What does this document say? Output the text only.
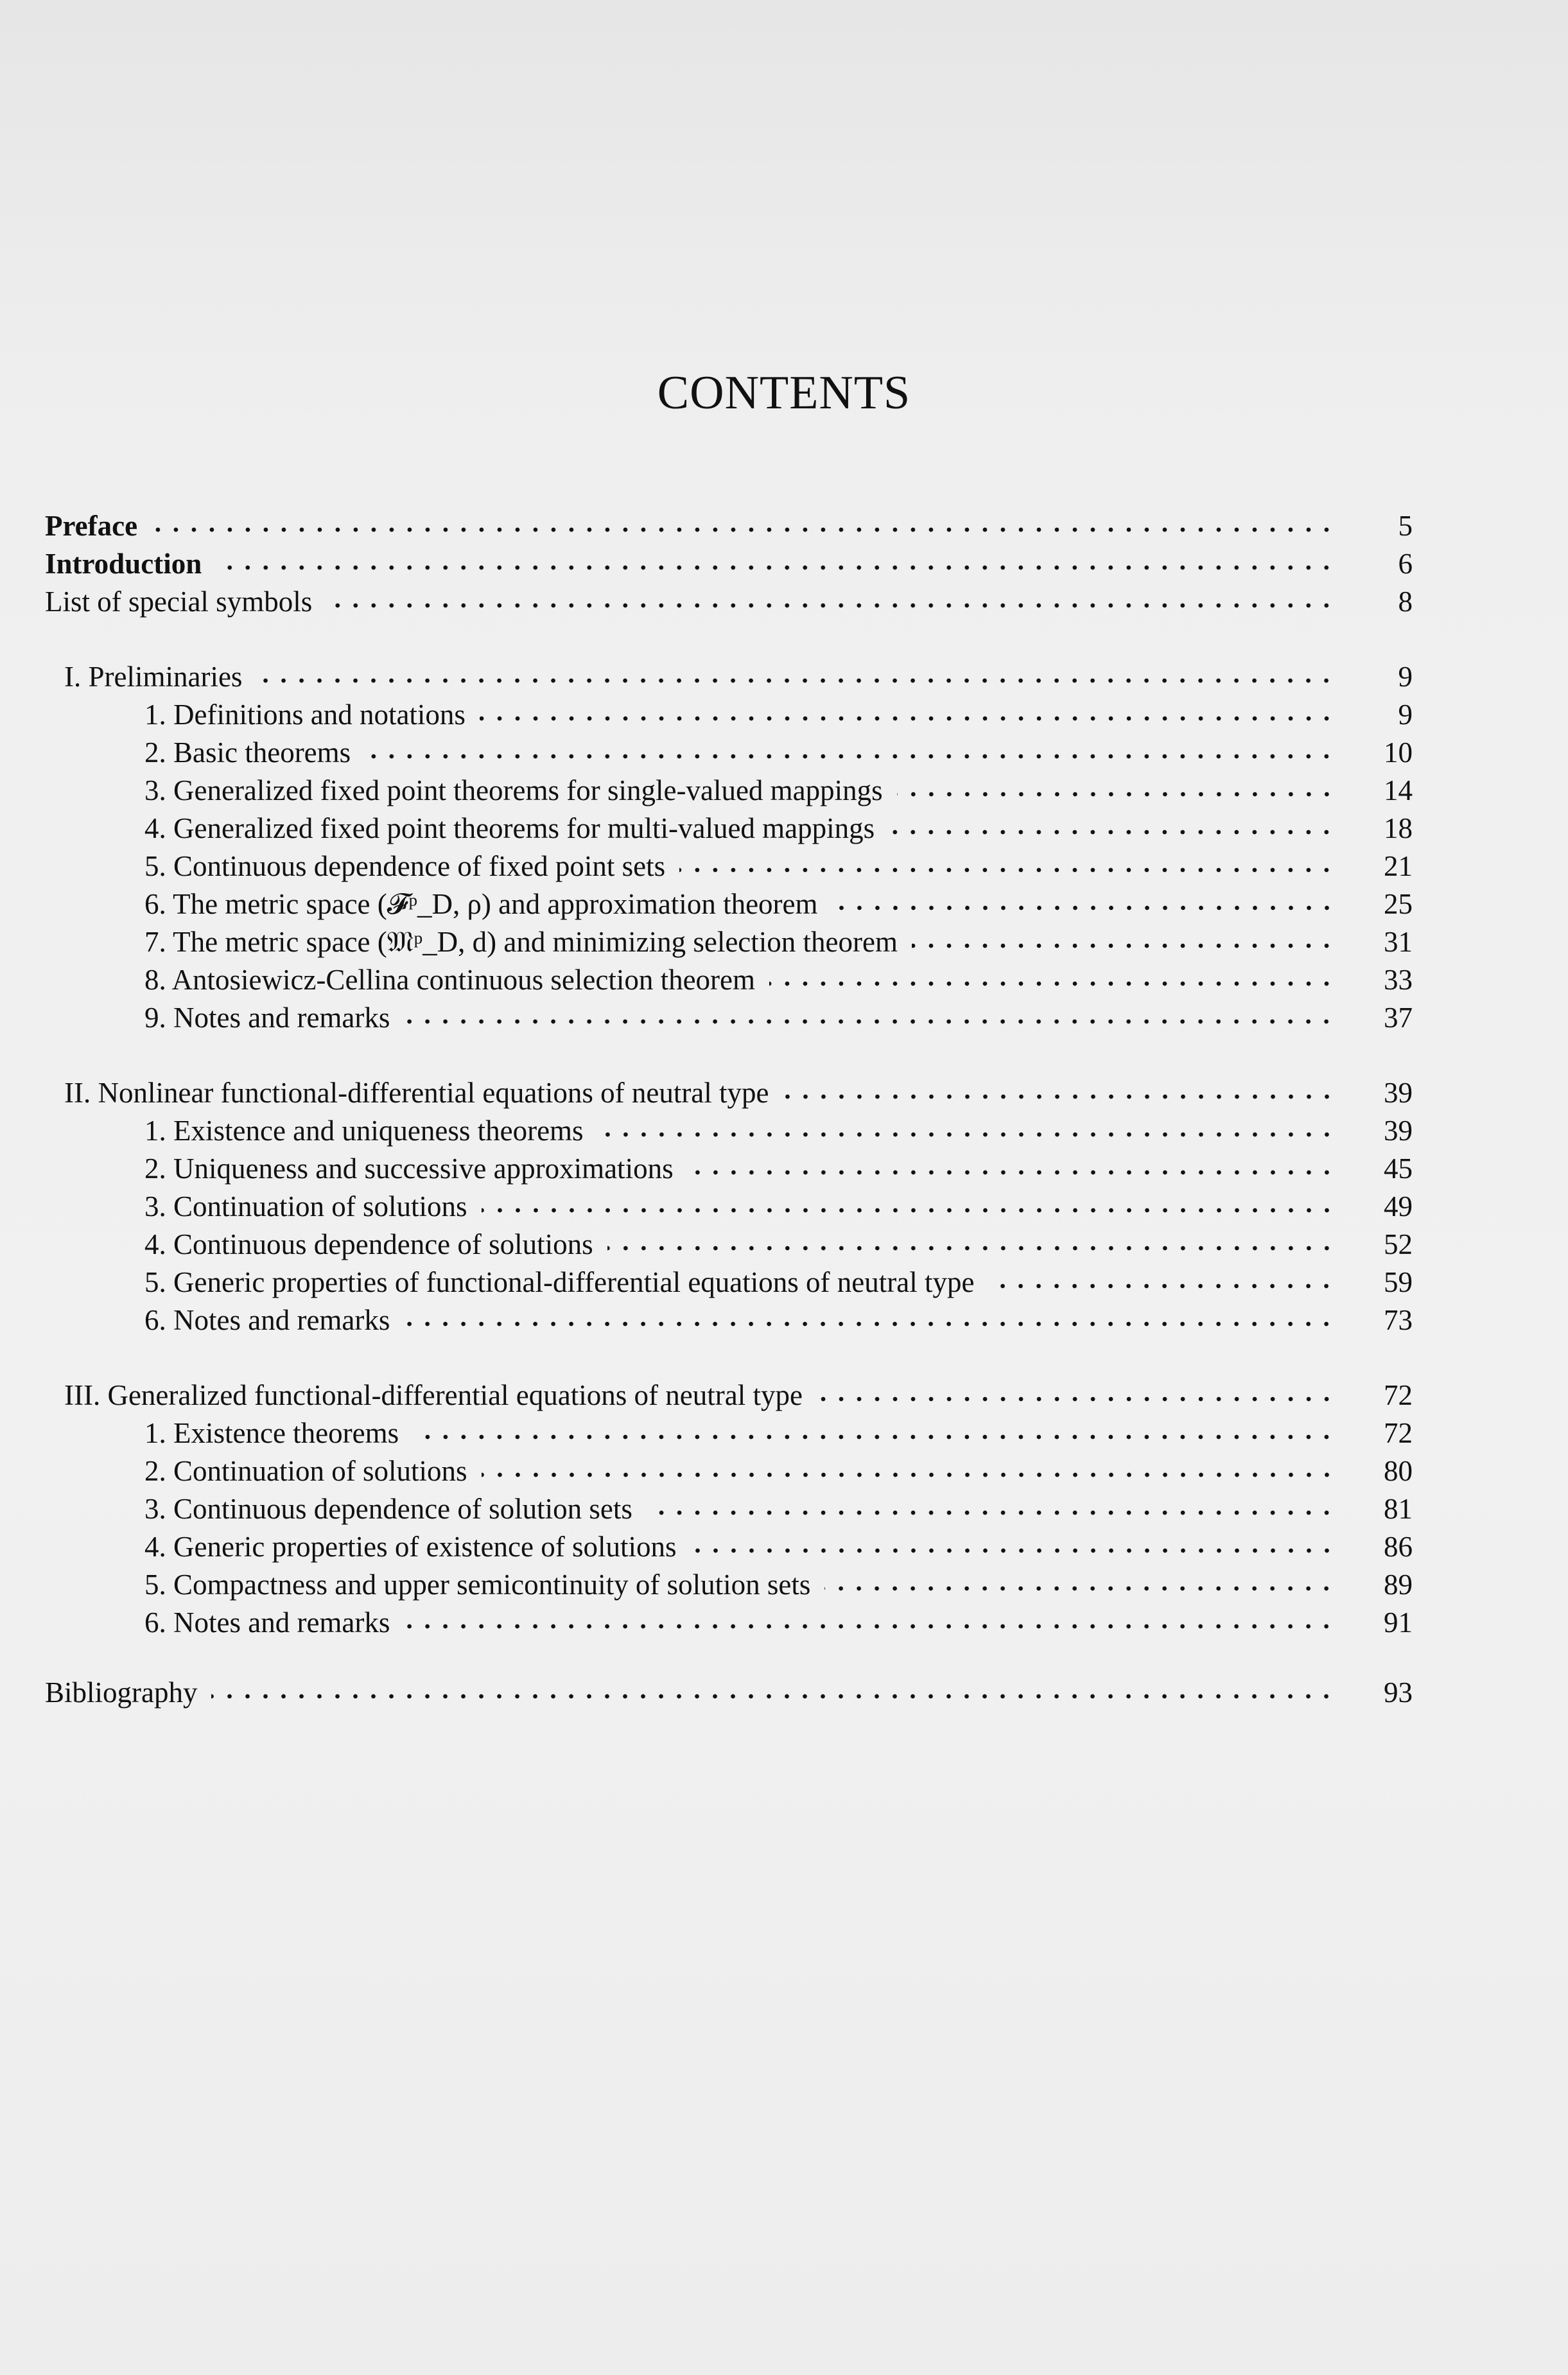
CONTENTS
Preface	5
Introduction	6
List of special symbols	8
I. Preliminaries	9
1. Definitions and notations	9
2. Basic theorems	10
3. Generalized fixed point theorems for single-valued mappings	14
4. Generalized fixed point theorems for multi-valued mappings	18
5. Continuous dependence of fixed point sets	21
6. The metric space (𝓕ᵖ_D, ρ) and approximation theorem	25
7. The metric space (𝔐ᵖ_D, d) and minimizing selection theorem	31
8. Antosiewicz-Cellina continuous selection theorem	33
9. Notes and remarks	37
II. Nonlinear functional-differential equations of neutral type	39
1. Existence and uniqueness theorems	39
2. Uniqueness and successive approximations	45
3. Continuation of solutions	49
4. Continuous dependence of solutions	52
5. Generic properties of functional-differential equations of neutral type	59
6. Notes and remarks	73
III. Generalized functional-differential equations of neutral type	72
1. Existence theorems	72
2. Continuation of solutions	80
3. Continuous dependence of solution sets	81
4. Generic properties of existence of solutions	86
5. Compactness and upper semicontinuity of solution sets	89
6. Notes and remarks	91
Bibliography	93
